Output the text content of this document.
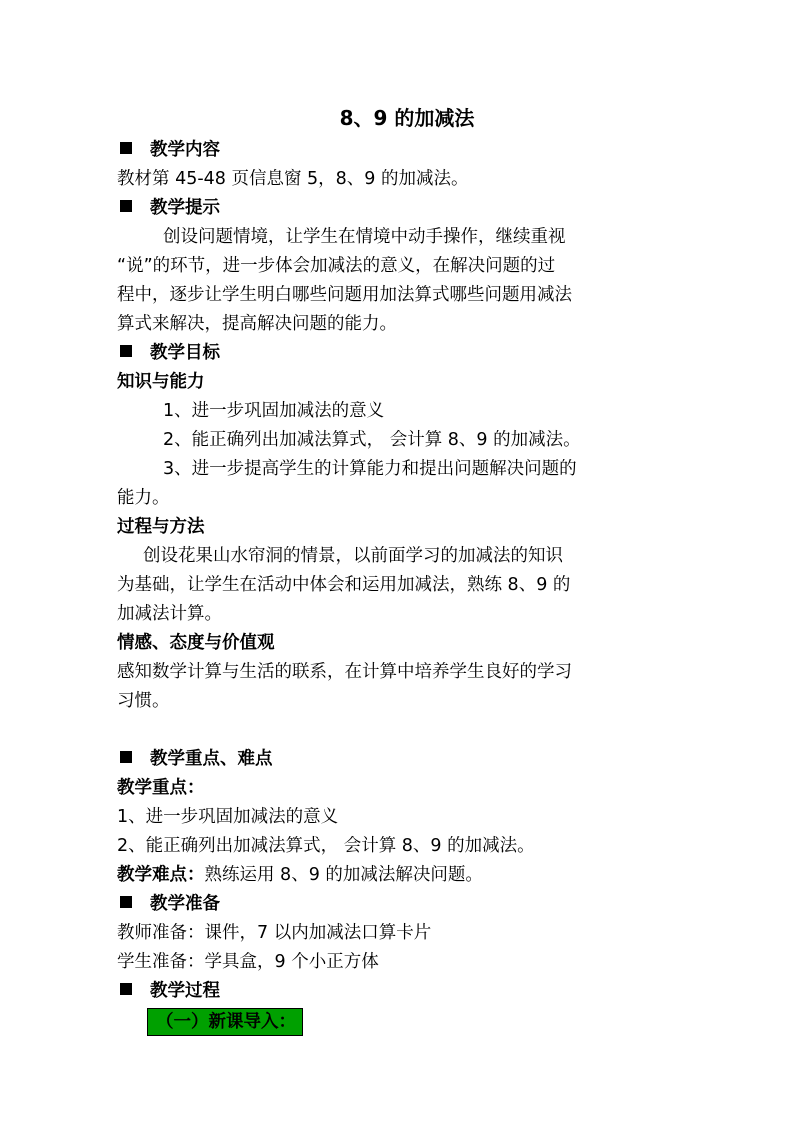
8、9 的加减法
教学内容
教材第 45-48 页信息窗 5，8、9 的加减法。
教学提示
创设问题情境，让学生在情境中动手操作，继续重视
“说”的环节，进一步体会加减法的意义，在解决问题的过
程中，逐步让学生明白哪些问题用加法算式哪些问题用减法
算式来解决，提高解决问题的能力。
教学目标
知识与能力
1、进一步巩固加减法的意义
2、能正确列出加减法算式， 会计算 8、9 的加减法。
3、进一步提高学生的计算能力和提出问题解决问题的
能力。
过程与方法
创设花果山水帘洞的情景，以前面学习的加减法的知识
为基础，让学生在活动中体会和运用加减法，熟练 8、9 的
加减法计算。
情感、态度与价值观
感知数学计算与生活的联系，在计算中培养学生良好的学习
习惯。
教学重点、难点
教学重点：
1、进一步巩固加减法的意义
2、能正确列出加减法算式， 会计算 8、9 的加减法。
教学难点：熟练运用 8、9 的加减法解决问题。
教学准备
教师准备：课件，7 以内加减法口算卡片
学生准备：学具盒，9 个小正方体
教学过程
（一）新课导入：
